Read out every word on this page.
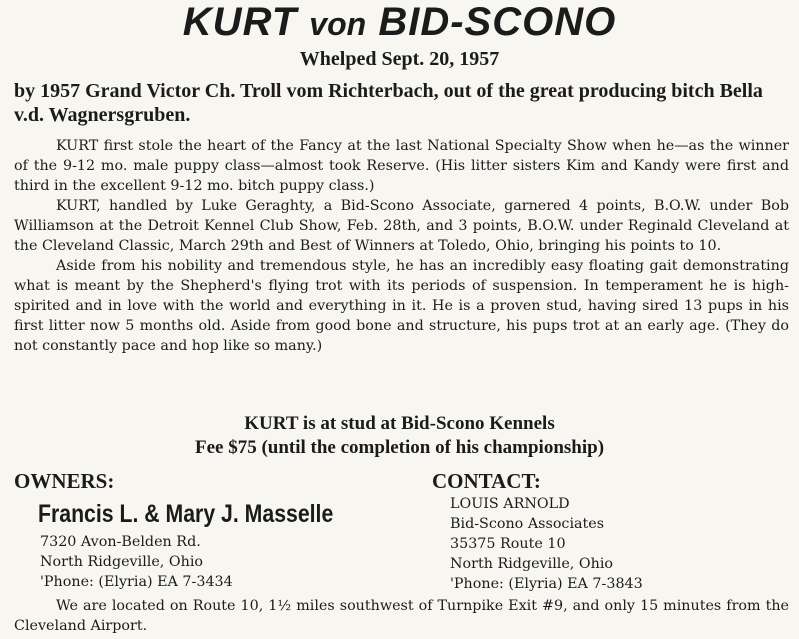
KURT von BID-SCONO
Whelped Sept. 20, 1957
by 1957 Grand Victor Ch. Troll vom Richterbach, out of the great producing bitch Bella v.d. Wagnersgruben.

KURT first stole the heart of the Fancy at the last National Specialty Show when he—as the winner of the 9-12 mo. male puppy class—almost took Reserve. (His litter sisters Kim and Kandy were first and third in the excellent 9-12 mo. bitch puppy class.)

KURT, handled by Luke Geraghty, a Bid-Scono Associate, garnered 4 points, B.O.W. under Bob Williamson at the Detroit Kennel Club Show, Feb. 28th, and 3 points, B.O.W. under Reginald Cleveland at the Cleveland Classic, March 29th and Best of Winners at Toledo, Ohio, bringing his points to 10.

Aside from his nobility and tremendous style, he has an incredibly easy floating gait demonstrating what is meant by the Shepherd's flying trot with its periods of suspension. In temperament he is high-spirited and in love with the world and everything in it. He is a proven stud, having sired 13 pups in his first litter now 5 months old. Aside from good bone and structure, his pups trot at an early age. (They do not constantly pace and hop like so many.)

KURT is at stud at Bid-Scono Kennels
Fee $75 (until the completion of his championship)
OWNERS:
Francis L. & Mary J. Masselle
7320 Avon-Belden Rd.
North Ridgeville, Ohio
'Phone: (Elyria) EA 7-3434
CONTACT:
LOUIS ARNOLD
Bid-Scono Associates
35375 Route 10
North Ridgeville, Ohio
'Phone: (Elyria) EA 7-3843

We are located on Route 10, 1½ miles southwest of Turnpike Exit #9, and only 15 minutes from the Cleveland Airport.
